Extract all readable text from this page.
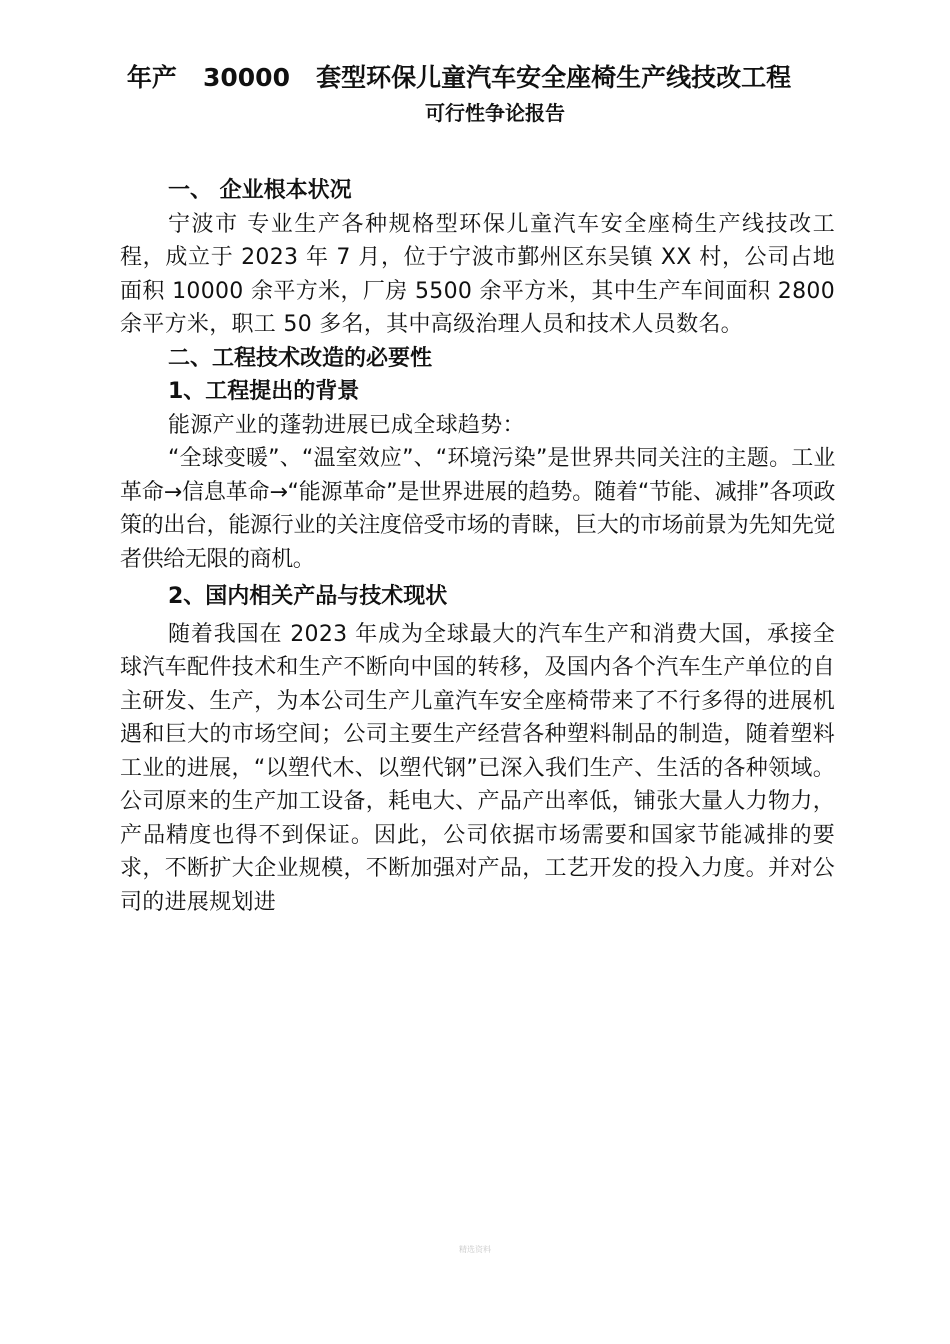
年产   30000   套型环保儿童汽车安全座椅生产线技改工程
可行性争论报告

一、 企业根本状况

宁波市 专业生产各种规格型环保儿童汽车安全座椅生产线技改工程，成立于 2023 年 7 月，位于宁波市鄞州区东吴镇 XX 村，公司占地面积 10000 余平方米，厂房 5500 余平方米，其中生产车间面积 2800 余平方米，职工 50 多名，其中高级治理人员和技术人员数名。

二、工程技术改造的必要性

1、工程提出的背景

能源产业的蓬勃进展已成全球趋势：

“全球变暖”、“温室效应”、“环境污染”是世界共同关注的主题。工业革命→信息革命→“能源革命”是世界进展的趋势。随着“节能、减排”各项政策的出台，能源行业的关注度倍受市场的青睐，巨大的市场前景为先知先觉者供给无限的商机。

2、国内相关产品与技术现状

随着我国在 2023 年成为全球最大的汽车生产和消费大国，承接全球汽车配件技术和生产不断向中国的转移，及国内各个汽车生产单位的自主研发、生产，为本公司生产儿童汽车安全座椅带来了不行多得的进展机遇和巨大的市场空间；公司主要生产经营各种塑料制品的制造，随着塑料工业的进展，“以塑代木、以塑代钢”已深入我们生产、生活的各种领域。公司原来的生产加工设备，耗电大、产品产出率低，铺张大量人力物力，产品精度也得不到保证。因此，公司依据市场需要和国家节能减排的要求，不断扩大企业规模，不断加强对产品，工艺开发的投入力度。并对公司的进展规划进

精选资料
